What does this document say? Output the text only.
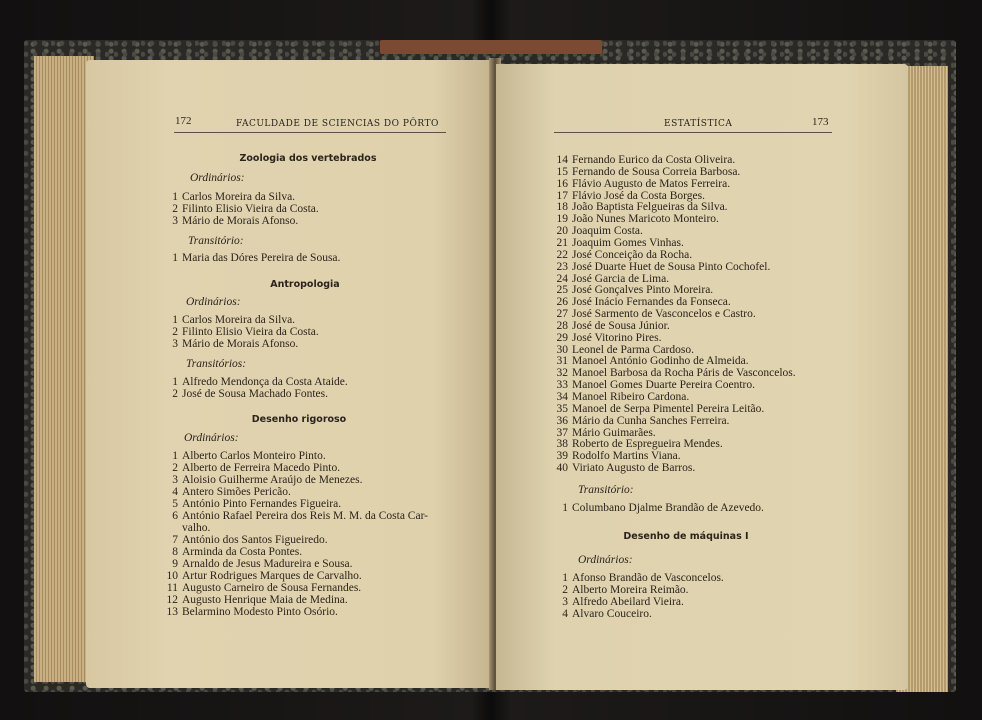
172	FACULDADE DE SCIENCIAS DO PÔRTO
Zoologia dos vertebrados
Ordinários:
1 Carlos Moreira da Silva.
2 Filinto Elisio Vieira da Costa.
3 Mário de Morais Afonso.
Transitório:
1 Maria das Dóres Pereira de Sousa.
Antropologia
Ordinários:
1 Carlos Moreira da Silva.
2 Filinto Elisio Vieira da Costa.
3 Mário de Morais Afonso.
Transitórios:
1 Alfredo Mendonça da Costa Ataide.
2 José de Sousa Machado Fontes.
Desenho rigoroso
Ordinários:
1 Alberto Carlos Monteiro Pinto.
2 Alberto de Ferreira Macedo Pinto.
3 Aloisio Guilherme Araújo de Menezes.
4 Antero Simões Pericão.
5 António Pinto Fernandes Figueira.
6 António Rafael Pereira dos Reis M. M. da Costa Car-
valho.
7 António dos Santos Figueiredo.
8 Arminda da Costa Pontes.
9 Arnaldo de Jesus Madureira e Sousa.
10 Artur Rodrigues Marques de Carvalho.
11 Augusto Carneiro de Sousa Fernandes.
12 Augusto Henrique Maia de Medina.
13 Belarmino Modesto Pinto Osório.
ESTATÍSTICA	173
14 Fernando Eurico da Costa Oliveira.
15 Fernando de Sousa Correia Barbosa.
16 Flávio Augusto de Matos Ferreira.
17 Flávio José da Costa Borges.
18 João Baptista Felgueiras da Silva.
19 João Nunes Maricoto Monteiro.
20 Joaquim Costa.
21 Joaquim Gomes Vinhas.
22 José Conceição da Rocha.
23 José Duarte Huet de Sousa Pinto Cochofel.
24 José Garcia de Lima.
25 José Gonçalves Pinto Moreira.
26 José Inácio Fernandes da Fonseca.
27 José Sarmento de Vasconcelos e Castro.
28 José de Sousa Júnior.
29 José Vitorino Pires.
30 Leonel de Parma Cardoso.
31 Manoel António Godinho de Almeida.
32 Manoel Barbosa da Rocha Páris de Vasconcelos.
33 Manoel Gomes Duarte Pereira Coentro.
34 Manoel Ribeiro Cardona.
35 Manoel de Serpa Pimentel Pereira Leitão.
36 Mário da Cunha Sanches Ferreira.
37 Mário Guimarães.
38 Roberto de Espregueira Mendes.
39 Rodolfo Martins Viana.
40 Viriato Augusto de Barros.
Transitório:
1 Columbano Djalme Brandão de Azevedo.
Desenho de máquinas I
Ordinários:
1 Afonso Brandão de Vasconcelos.
2 Alberto Moreira Reimão.
3 Alfredo Abeilard Vieira.
4 Alvaro Couceiro.
